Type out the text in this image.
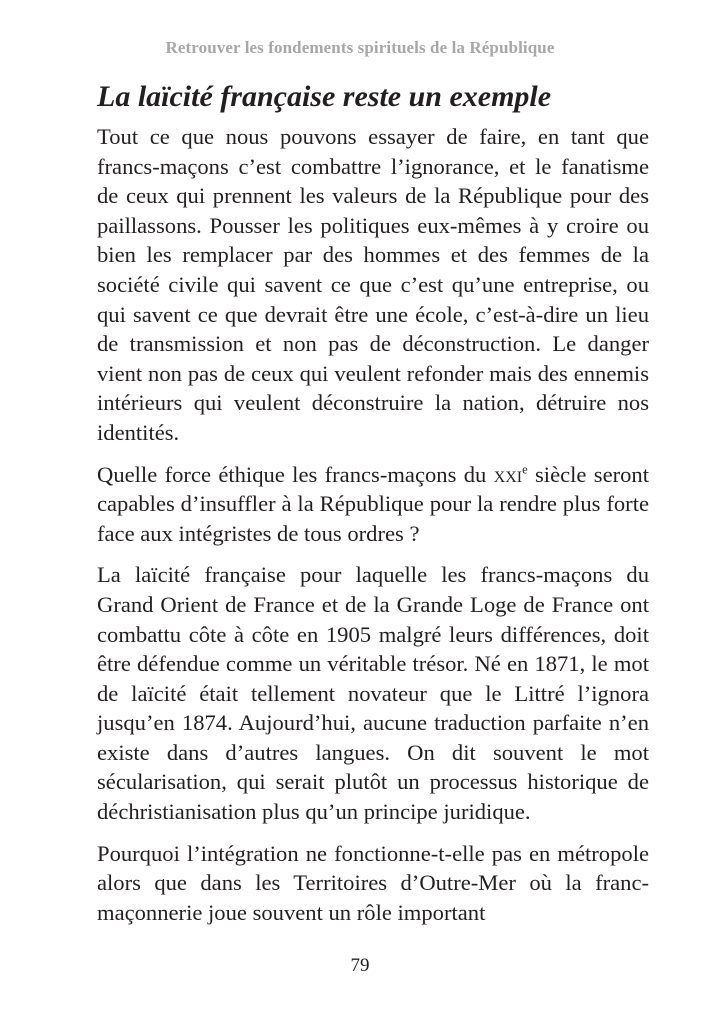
Retrouver les fondements spirituels de la République
La laïcité française reste un exemple

Tout ce que nous pouvons essayer de faire, en tant que francs-maçons c’est combattre l’ignorance, et le fanatisme de ceux qui prennent les valeurs de la République pour des paillassons. Pousser les politiques eux-mêmes à y croire ou bien les remplacer par des hommes et des femmes de la société civile qui savent ce que c’est qu’une entreprise, ou qui savent ce que devrait être une école, c’est-à-dire un lieu de transmission et non pas de déconstruction. Le danger vient non pas de ceux qui veulent refonder mais des ennemis intérieurs qui veulent déconstruire la nation, détruire nos identités.

Quelle force éthique les francs-maçons du xxi$^e$ siècle seront capables d’insuffler à la République pour la rendre plus forte face aux intégristes de tous ordres ?

La laïcité française pour laquelle les francs-maçons du Grand Orient de France et de la Grande Loge de France ont combattu côte à côte en 1905 malgré leurs différences, doit être défendue comme un véritable trésor. Né en 1871, le mot de laïcité était tellement novateur que le Littré l’ignora jusqu’en 1874. Aujourd’hui, aucune traduction parfaite n’en existe dans d’autres langues. On dit souvent le mot sécularisation, qui serait plutôt un processus historique de déchristianisation plus qu’un principe juridique.

Pourquoi l’intégration ne fonctionne-t-elle pas en métropole alors que dans les Territoires d’Outre-Mer où la franc-maçonnerie joue souvent un rôle important

79
